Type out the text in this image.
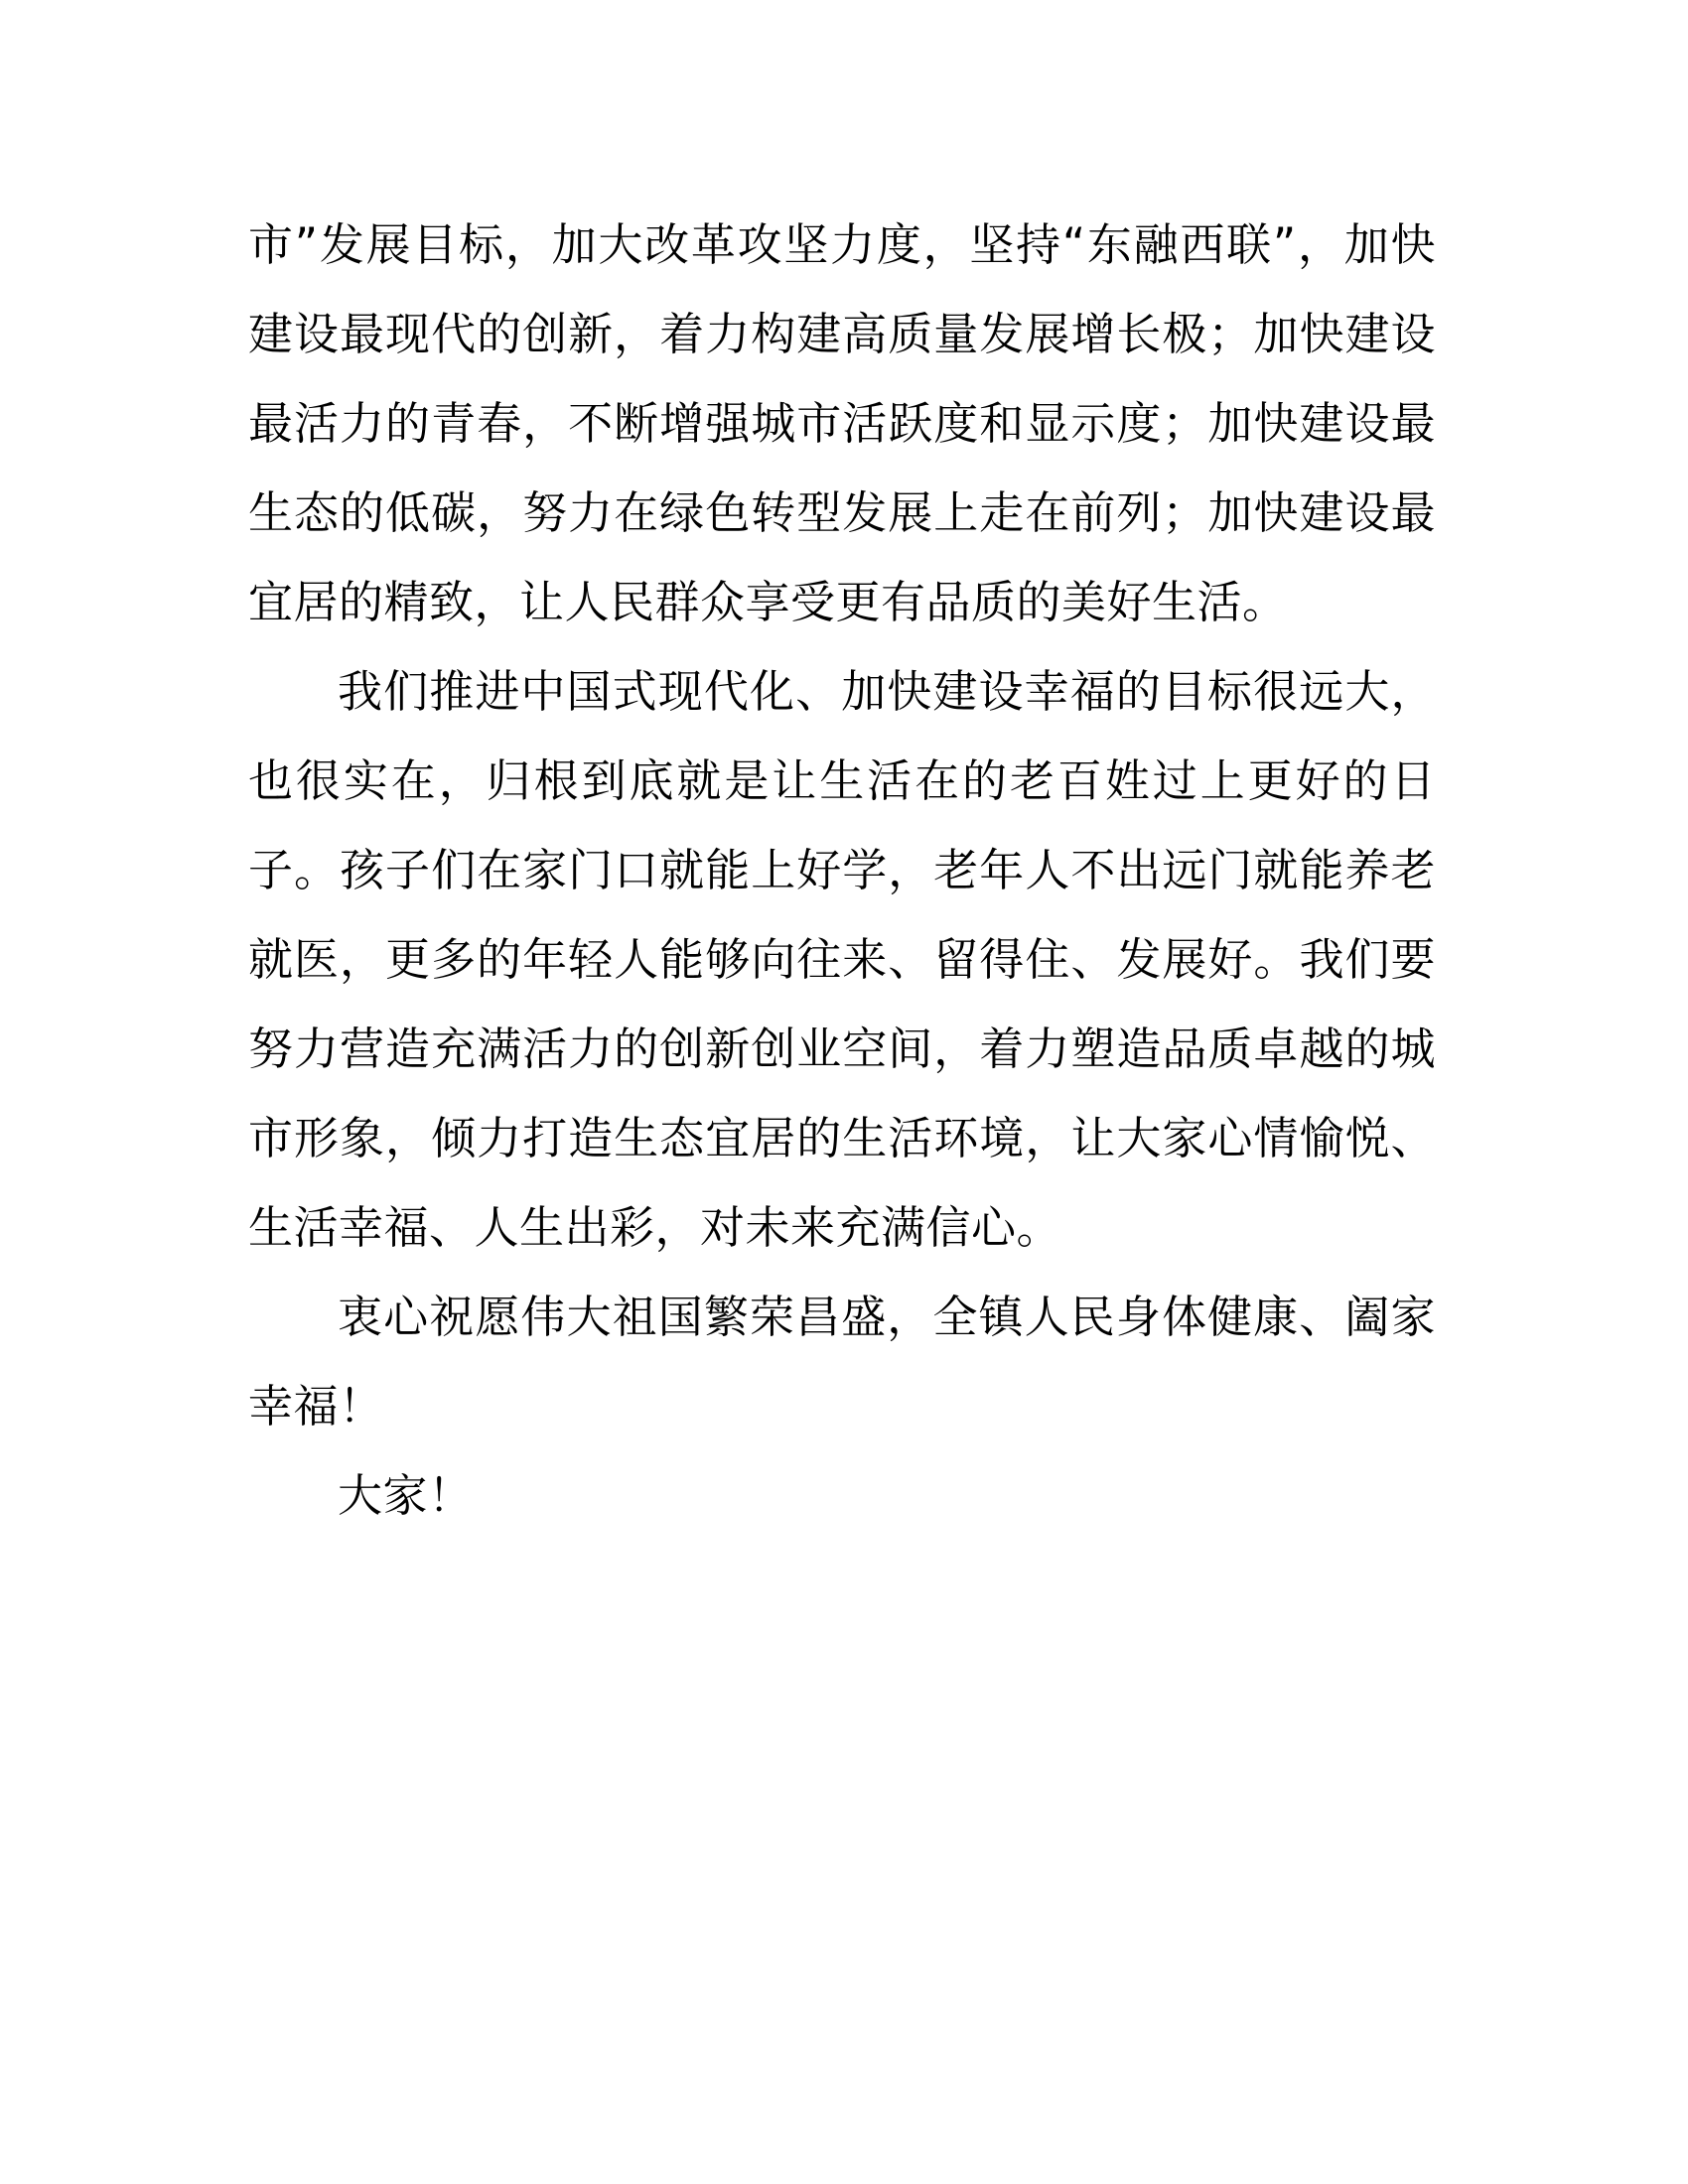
市”发展目标，加大改革攻坚力度，坚持“东融西联”，加快建设最现代的创新，着力构建高质量发展增长极；加快建设最活力的青春，不断增强城市活跃度和显示度；加快建设最生态的低碳，努力在绿色转型发展上走在前列；加快建设最宜居的精致，让人民群众享受更有品质的美好生活。

我们推进中国式现代化、加快建设幸福的目标很远大，也很实在，归根到底就是让生活在的老百姓过上更好的日子。孩子们在家门口就能上好学，老年人不出远门就能养老就医，更多的年轻人能够向往来、留得住、发展好。我们要努力营造充满活力的创新创业空间，着力塑造品质卓越的城市形象，倾力打造生态宜居的生活环境，让大家心情愉悦、生活幸福、人生出彩，对未来充满信心。

衷心祝愿伟大祖国繁荣昌盛，全镇人民身体健康、阖家幸福！

大家！
